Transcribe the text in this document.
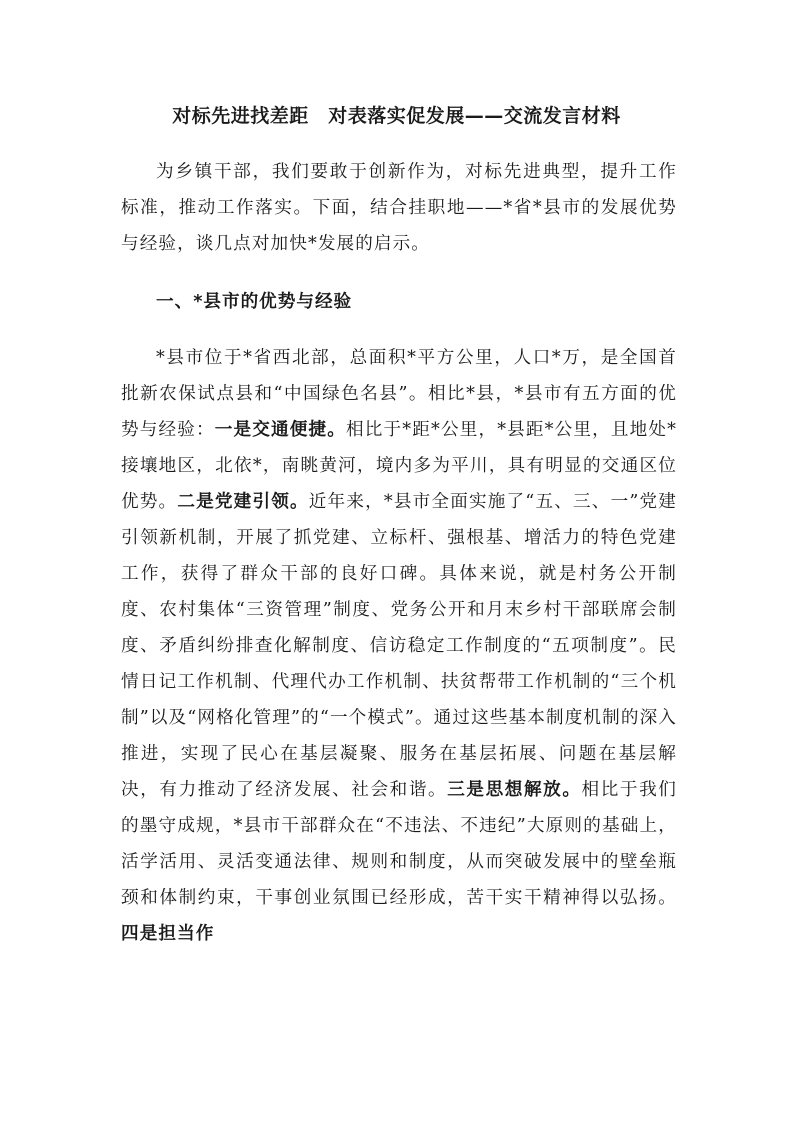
对标先进找差距　对表落实促发展——交流发言材料
为乡镇干部，我们要敢于创新作为，对标先进典型，提升工作标准，推动工作落实。下面，结合挂职地——*省*县市的发展优势与经验，谈几点对加快*发展的启示。
一、*县市的优势与经验
*县市位于*省西北部，总面积*平方公里，人口*万，是全国首批新农保试点县和“中国绿色名县”。相比*县，*县市有五方面的优势与经验：一是交通便捷。相比于*距*公里，*县距*公里，且地处*接壤地区，北依*，南眺黄河，境内多为平川，具有明显的交通区位优势。二是党建引领。近年来，*县市全面实施了“五、三、一”党建引领新机制，开展了抓党建、立标杆、强根基、增活力的特色党建工作，获得了群众干部的良好口碑。具体来说，就是村务公开制度、农村集体“三资管理”制度、党务公开和月末乡村干部联席会制度、矛盾纠纷排查化解制度、信访稳定工作制度的“五项制度”。民情日记工作机制、代理代办工作机制、扶贫帮带工作机制的“三个机制”以及“网格化管理”的“一个模式”。通过这些基本制度机制的深入推进，实现了民心在基层凝聚、服务在基层拓展、问题在基层解决，有力推动了经济发展、社会和谐。三是思想解放。相比于我们的墨守成规，*县市干部群众在“不违法、不违纪”大原则的基础上，活学活用、灵活变通法律、规则和制度，从而突破发展中的壁垒瓶颈和体制约束，干事创业氛围已经形成，苦干实干精神得以弘扬。四是担当作
